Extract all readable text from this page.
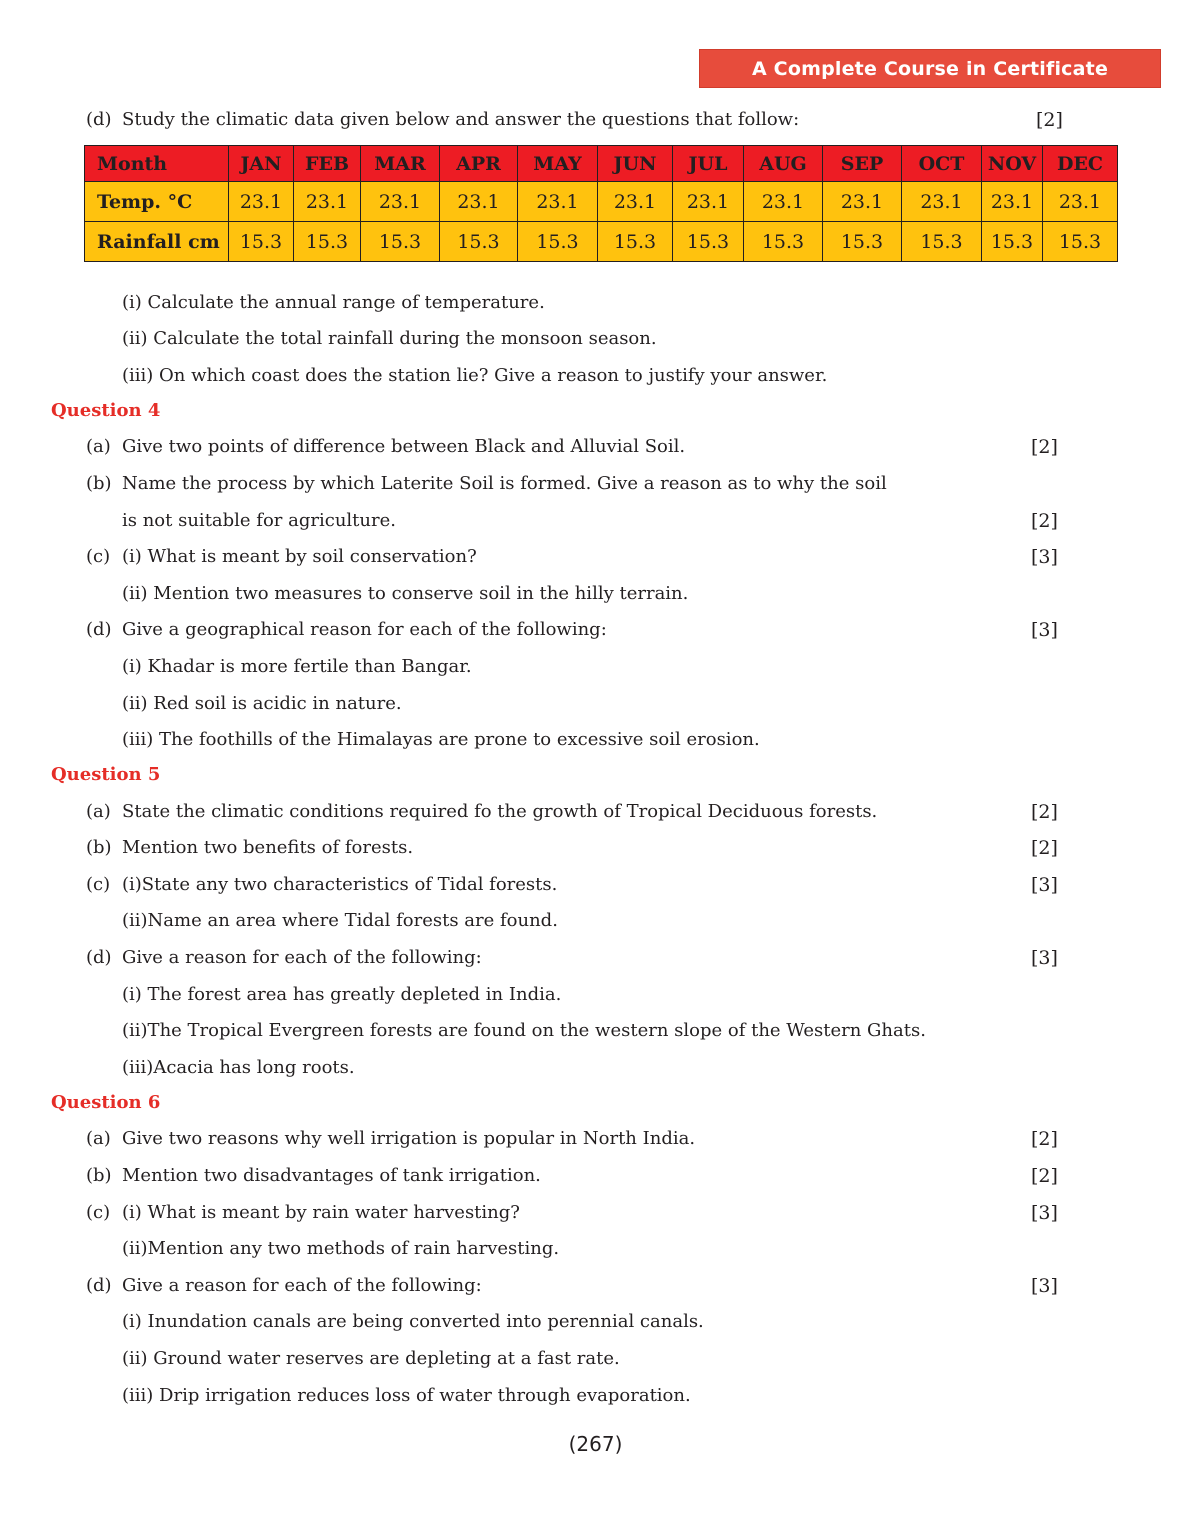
A Complete Course in Certificate Geography-II
(d) Study the climatic data given below and answer the questions that follow:	[2]
Month	JAN	FEB	MAR	APR	MAY	JUN	JUL	AUG	SEP	OCT	NOV	DEC
Temp. °C	23.1	23.1	23.1	23.1	23.1	23.1	23.1	23.1	23.1	23.1	23.1	23.1
Rainfall cm	15.3	15.3	15.3	15.3	15.3	15.3	15.3	15.3	15.3	15.3	15.3	15.3
(i) Calculate the annual range of temperature.
(ii) Calculate the total rainfall during the monsoon season.
(iii) On which coast does the station lie? Give a reason to justify your answer.
Question 4
(a) Give two points of difference between Black and Alluvial Soil.	[2]
(b) Name the process by which Laterite Soil is formed. Give a reason as to why the soil
is not suitable for agriculture.	[2]
(c) (i) What is meant by soil conservation?	[3]
(ii) Mention two measures to conserve soil in the hilly terrain.
(d) Give a geographical reason for each of the following:	[3]
(i) Khadar is more fertile than Bangar.
(ii) Red soil is acidic in nature.
(iii) The foothills of the Himalayas are prone to excessive soil erosion.
Question 5
(a) State the climatic conditions required fo the growth of Tropical Deciduous forests.	[2]
(b) Mention two benefits of forests.	[2]
(c) (i)State any two characteristics of Tidal forests.	[3]
(ii)Name an area where Tidal forests are found.
(d) Give a reason for each of the following:	[3]
(i) The forest area has greatly depleted in India.
(ii)The Tropical Evergreen forests are found on the western slope of the Western Ghats.
(iii)Acacia has long roots.
Question 6
(a) Give two reasons why well irrigation is popular in North India.	[2]
(b) Mention two disadvantages of tank irrigation.	[2]
(c) (i) What is meant by rain water harvesting?	[3]
(ii)Mention any two methods of rain harvesting.
(d) Give a reason for each of the following:	[3]
(i) Inundation canals are being converted into perennial canals.
(ii) Ground water reserves are depleting at a fast rate.
(iii) Drip irrigation reduces loss of water through evaporation.
(267)
